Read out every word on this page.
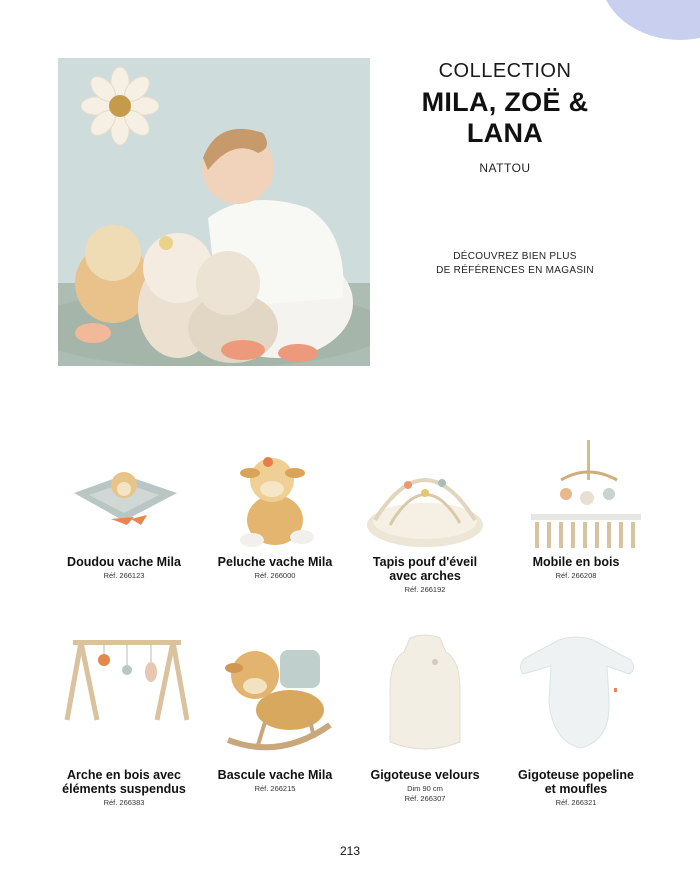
COLLECTION
MILA, ZOË & LANA
NATTOU
DÉCOUVREZ BIEN PLUS
DE RÉFÉRENCES EN MAGASIN
Doudou vache Mila
Réf. 266123
Peluche vache Mila
Réf. 266000
Tapis pouf d'éveil
avec arches
Réf. 266192
Mobile en bois
Réf. 266208
Arche en bois avec
éléments suspendus
Réf. 266383
Bascule vache Mila
Réf. 266215
Gigoteuse velours
Dim 90 cm
Réf. 266307
Gigoteuse popeline
et moufles
Réf. 266321
213
